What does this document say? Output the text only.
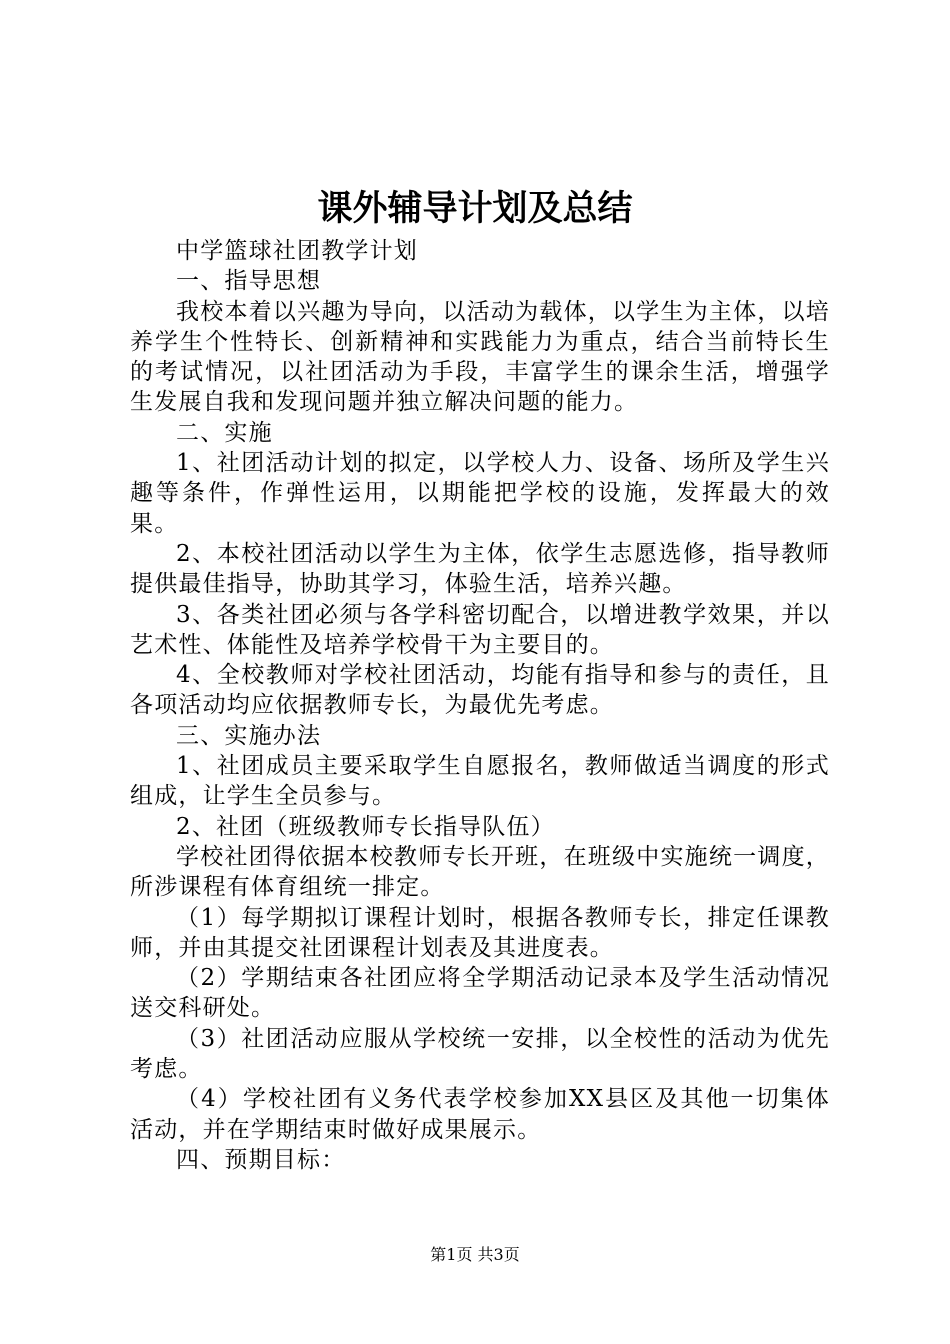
课外辅导计划及总结

中学篮球社团教学计划

一、指导思想

我校本着以兴趣为导向，以活动为载体，以学生为主体，以培养学生个性特长、创新精神和实践能力为重点，结合当前特长生的考试情况，以社团活动为手段，丰富学生的课余生活，增强学生发展自我和发现问题并独立解决问题的能力。

二、实施

1、社团活动计划的拟定，以学校人力、设备、场所及学生兴趣等条件，作弹性运用，以期能把学校的设施，发挥最大的效果。

2、本校社团活动以学生为主体，依学生志愿选修，指导教师提供最佳指导，协助其学习，体验生活，培养兴趣。

3、各类社团必须与各学科密切配合，以增进教学效果，并以艺术性、体能性及培养学校骨干为主要目的。

4、全校教师对学校社团活动，均能有指导和参与的责任，且各项活动均应依据教师专长，为最优先考虑。

三、实施办法

1、社团成员主要采取学生自愿报名，教师做适当调度的形式组成，让学生全员参与。

2、社团（班级教师专长指导队伍）

学校社团得依据本校教师专长开班，在班级中实施统一调度，所涉课程有体育组统一排定。

（1）每学期拟订课程计划时，根据各教师专长，排定任课教师，并由其提交社团课程计划表及其进度表。

（2）学期结束各社团应将全学期活动记录本及学生活动情况送交科研处。

（3）社团活动应服从学校统一安排，以全校性的活动为优先考虑。

（4）学校社团有义务代表学校参加XX县区及其他一切集体活动，并在学期结束时做好成果展示。

四、预期目标：

第1页 共3页
